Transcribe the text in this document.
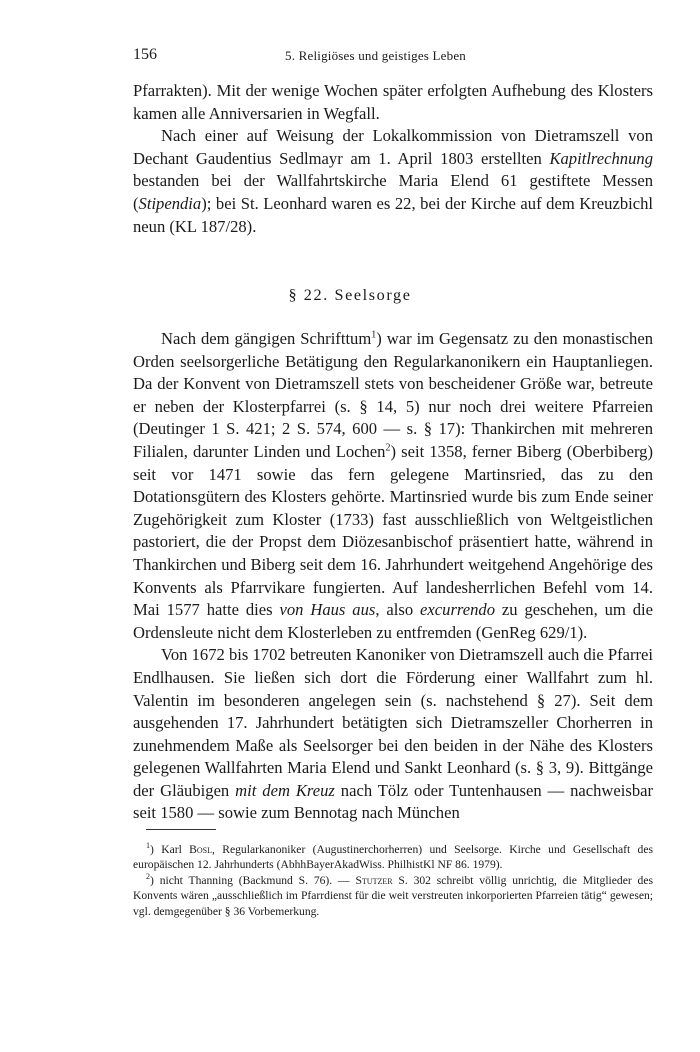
156	5. Religiöses und geistiges Leben

Pfarrakten). Mit der wenige Wochen später erfolgten Aufhebung des Klosters kamen alle Anniversarien in Wegfall.

Nach einer auf Weisung der Lokalkommission von Dietramszell von Dechant Gaudentius Sedlmayr am 1. April 1803 erstellten Kapitlrechnung bestanden bei der Wallfahrtskirche Maria Elend 61 gestiftete Messen (Stipendia); bei St. Leonhard waren es 22, bei der Kirche auf dem Kreuzbichl neun (KL 187/28).

§ 22. Seelsorge

Nach dem gängigen Schrifttum$^1$) war im Gegensatz zu den monastischen Orden seelsorgerliche Betätigung den Regularkanonikern ein Hauptanliegen. Da der Konvent von Dietramszell stets von bescheidener Größe war, betreute er neben der Klosterpfarrei (s. § 14, 5) nur noch drei weitere Pfarreien (Deutinger 1 S. 421; 2 S. 574, 600 — s. § 17): Thankirchen mit mehreren Filialen, darunter Linden und Lochen$^2$) seit 1358, ferner Biberg (Oberbiberg) seit vor 1471 sowie das fern gelegene Martinsried, das zu den Dotationsgütern des Klosters gehörte. Martinsried wurde bis zum Ende seiner Zugehörigkeit zum Kloster (1733) fast ausschließlich von Weltgeistlichen pastoriert, die der Propst dem Diözesanbischof präsentiert hatte, während in Thankirchen und Biberg seit dem 16. Jahrhundert weitgehend Angehörige des Konvents als Pfarrvikare fungierten. Auf landesherrlichen Befehl vom 14. Mai 1577 hatte dies von Haus aus, also excurrendo zu geschehen, um die Ordensleute nicht dem Klosterleben zu entfremden (GenReg 629/1).

Von 1672 bis 1702 betreuten Kanoniker von Dietramszell auch die Pfarrei Endlhausen. Sie ließen sich dort die Förderung einer Wallfahrt zum hl. Valentin im besonderen angelegen sein (s. nachstehend § 27). Seit dem ausgehenden 17. Jahrhundert betätigten sich Dietramszeller Chorherren in zunehmendem Maße als Seelsorger bei den beiden in der Nähe des Klosters gelegenen Wallfahrten Maria Elend und Sankt Leonhard (s. § 3, 9). Bittgänge der Gläubigen mit dem Kreuz nach Tölz oder Tuntenhausen — nachweisbar seit 1580 — sowie zum Bennotag nach München

$^1$) Karl Bosl, Regularkanoniker (Augustinerchorherren) und Seelsorge. Kirche und Gesellschaft des europäischen 12. Jahrhunderts (AbhhBayerAkadWiss. PhilhistKl NF 86. 1979).

$^2$) nicht Thanning (Backmund S. 76). — Stutzer S. 302 schreibt völlig unrichtig, die Mitglieder des Konvents wären „ausschließlich im Pfarrdienst für die weit verstreuten inkorporierten Pfarreien tätig“ gewesen; vgl. demgegenüber § 36 Vorbemerkung.
